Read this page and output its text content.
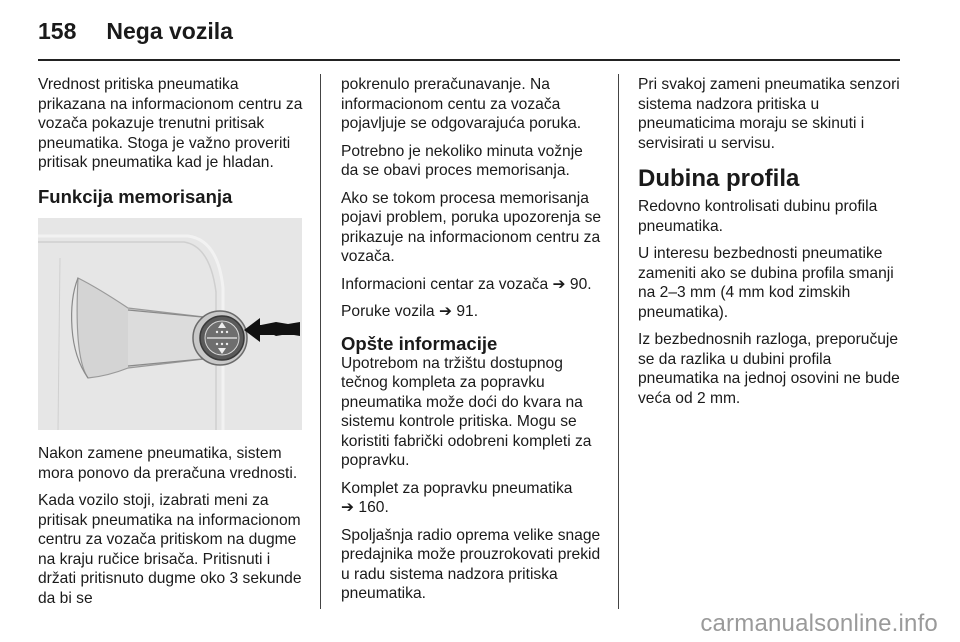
158 Nega vozila

Vrednost pritiska pneumatika prikazana na informacionom centru za vozača pokazuje trenutni pritisak pneumatika. Stoga je važno proveriti pritisak pneumatika kad je hladan.

Funkcija memorisanja

Nakon zamene pneumatika, sistem mora ponovo da preračuna vrednosti.

Kada vozilo stoji, izabrati meni za pritisak pneumatika na informacionom centru za vozača pritiskom na dugme na kraju ručice brisača. Pritisnuti i držati pritisnuto dugme oko 3 sekunde da bi se

pokrenulo preračunavanje. Na informacionom centu za vozača pojavljuje se odgovarajuća poruka.

Potrebno je nekoliko minuta vožnje da se obavi proces memorisanja.

Ako se tokom procesa memorisanja pojavi problem, poruka upozorenja se prikazuje na informacionom centru za vozača.

Informacioni centar za vozača ➔ 90.

Poruke vozila ➔ 91.

Opšte informacije

Upotrebom na tržištu dostupnog tečnog kompleta za popravku pneumatika može doći do kvara na sistemu kontrole pritiska. Mogu se koristiti fabrički odobreni kompleti za popravku.

Komplet za popravku pneumatika
➔ 160.

Spoljašnja radio oprema velike snage predajnika može prouzrokovati prekid u radu sistema nadzora pritiska pneumatika.

Pri svakoj zameni pneumatika senzori sistema nadzora pritiska u pneumaticima moraju se skinuti i servisirati u servisu.

Dubina profila

Redovno kontrolisati dubinu profila pneumatika.

U interesu bezbednosti pneumatike zameniti ako se dubina profila smanji na 2–3 mm (4 mm kod zimskih pneumatika).

Iz bezbednosnih razloga, preporučuje se da razlika u dubini profila pneumatika na jednoj osovini ne bude veća od 2 mm.

carmanualsonline.info
